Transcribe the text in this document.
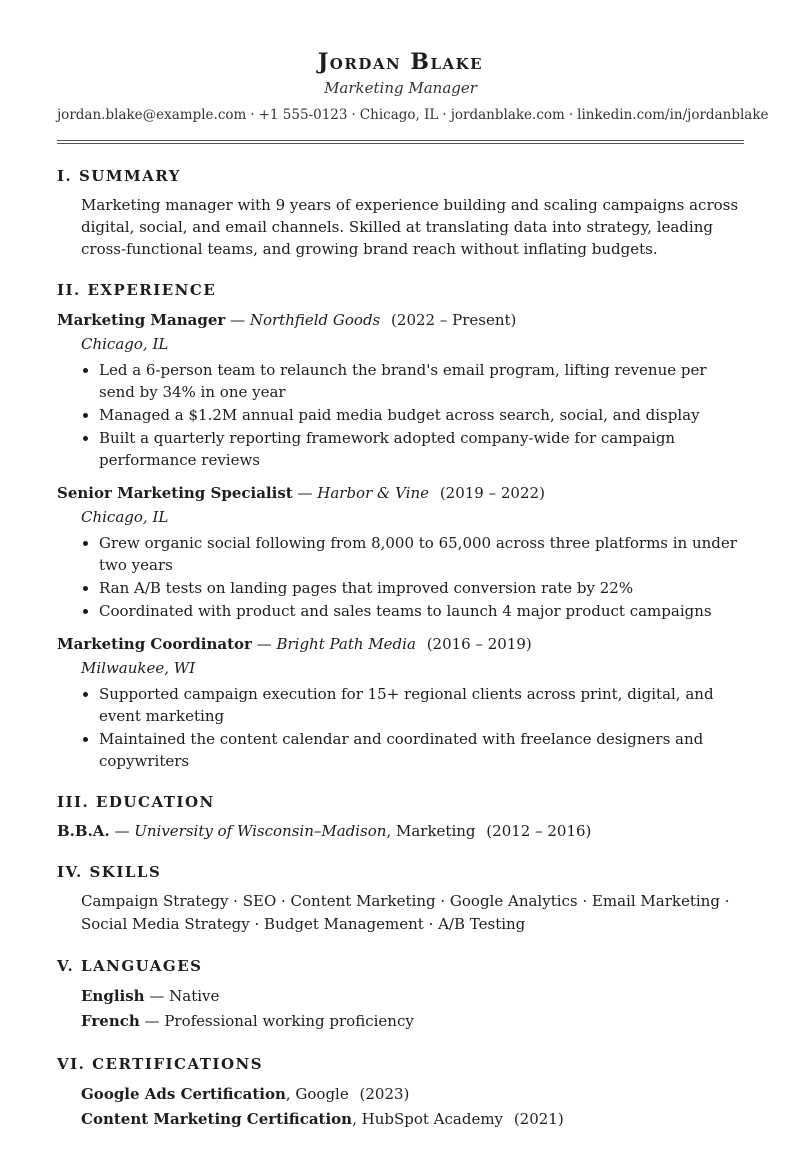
Jordan Blake
Marketing Manager
jordan.blake@example.com · +1 555-0123 · Chicago, IL · jordanblake.com · linkedin.com/in/jordanblake
I. SUMMARY

Marketing manager with 9 years of experience building and scaling campaigns across digital, social, and email channels. Skilled at translating data into strategy, leading cross-functional teams, and growing brand reach without inflating budgets.

II. EXPERIENCE
Marketing Manager — Northfield Goods (2022 – Present)
Chicago, IL
• Led a 6-person team to relaunch the brand's email program, lifting revenue per send by 34% in one year
• Managed a $1.2M annual paid media budget across search, social, and display
• Built a quarterly reporting framework adopted company-wide for campaign performance reviews
Senior Marketing Specialist — Harbor & Vine (2019 – 2022)
Chicago, IL
• Grew organic social following from 8,000 to 65,000 across three platforms in under two years
• Ran A/B tests on landing pages that improved conversion rate by 22%
• Coordinated with product and sales teams to launch 4 major product campaigns
Marketing Coordinator — Bright Path Media (2016 – 2019)
Milwaukee, WI
• Supported campaign execution for 15+ regional clients across print, digital, and event marketing
• Maintained the content calendar and coordinated with freelance designers and copywriters
III. EDUCATION
B.B.A. — University of Wisconsin–Madison, Marketing (2012 – 2016)
IV. SKILLS
Campaign Strategy · SEO · Content Marketing · Google Analytics · Email Marketing · Social Media Strategy · Budget Management · A/B Testing
V. LANGUAGES
English — Native
French — Professional working proficiency
VI. CERTIFICATIONS
Google Ads Certification, Google (2023)
Content Marketing Certification, HubSpot Academy (2021)
